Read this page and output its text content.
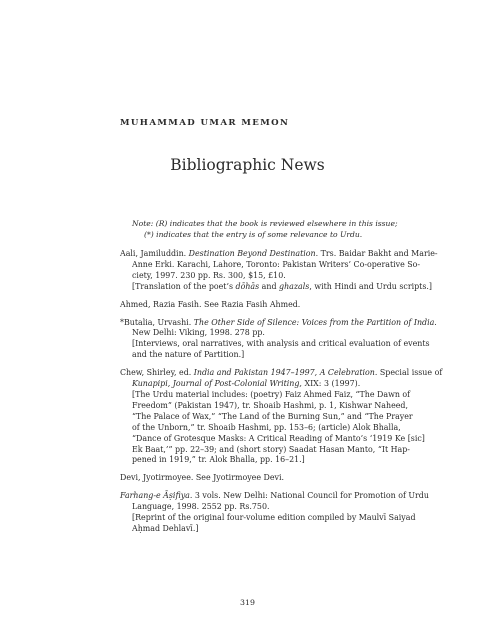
MUHAMMAD UMAR MEMON
Bibliographic News
Note: (R) indicates that the book is reviewed elsewhere in this issue;
(*) indicates that the entry is of some relevance to Urdu.
Aali, Jamiluddin. Destination Beyond Destination. Trs. Baidar Bakht and Marie-
Anne Erki. Karachi, Lahore, Toronto: Pakistan Writers’ Co-operative So-
ciety, 1997. 230 pp. Rs. 300, $15, £10.
[Translation of the poet’s dōhās and ghazals, with Hindi and Urdu scripts.]
Ahmed, Razia Fasih. See Razia Fasih Ahmed.
*Butalia, Urvashi. The Other Side of Silence: Voices from the Partition of India.
New Delhi: Viking, 1998. 278 pp.
[Interviews, oral narratives, with analysis and critical evaluation of events
and the nature of Partition.]
Chew, Shirley, ed. India and Pakistan 1947–1997, A Celebration. Special issue of
Kunapipi, Journal of Post-Colonial Writing, XIX: 3 (1997).
[The Urdu material includes: (poetry) Faiz Ahmed Faiz, “The Dawn of
Freedom” (Pakistan 1947), tr. Shoaib Hashmi, p. 1, Kishwar Naheed,
“The Palace of Wax,” “The Land of the Burning Sun,” and “The Prayer
of the Unborn,” tr. Shoaib Hashmi, pp. 153–6; (article) Alok Bhalla,
“Dance of Grotesque Masks: A Critical Reading of Manto’s ‘1919 Ke [sic]
Ek Baat,’” pp. 22–39; and (short story) Saadat Hasan Manto, “It Hap-
pened in 1919,” tr. Alok Bhalla, pp. 16–21.]
Devi, Jyotirmoyee. See Jyotirmoyee Devi.
Farhang-e Āṣifiya. 3 vols. New Delhi: National Council for Promotion of Urdu
Language, 1998. 2552 pp. Rs.750.
[Reprint of the original four-volume edition compiled by Maulvī Saiyad
Aḥmad Dehlavī.]
319
